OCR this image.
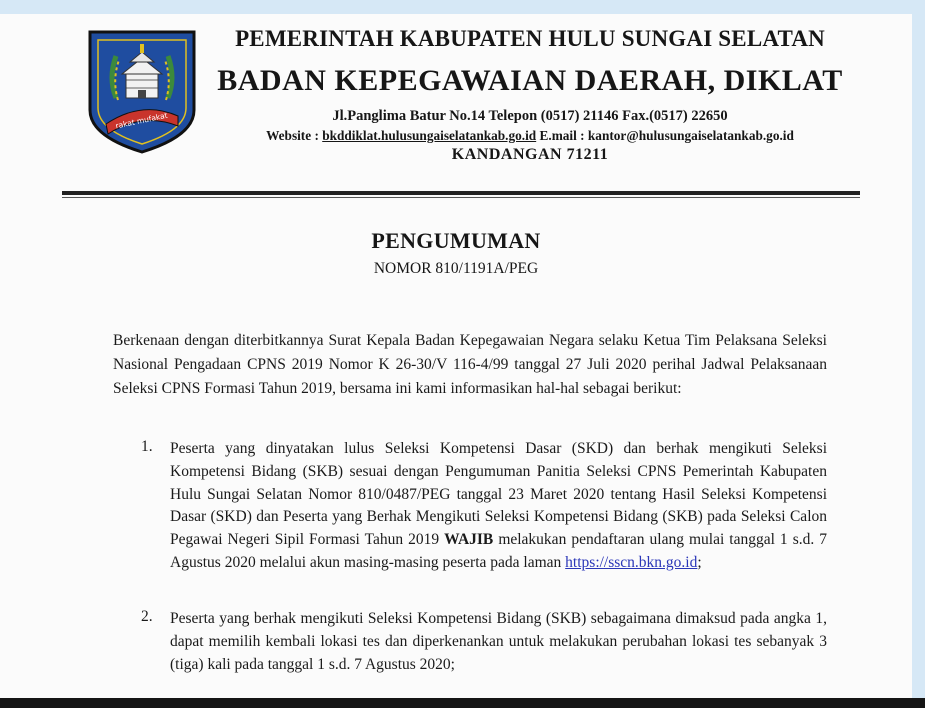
rakat mufakat
PEMERINTAH KABUPATEN HULU SUNGAI SELATAN
BADAN KEPEGAWAIAN DAERAH, DIKLAT
Jl.Panglima Batur No.14 Telepon (0517) 21146 Fax.(0517) 22650
Website : bkddiklat.hulusungaiselatankab.go.id E.mail : kantor@hulusungaiselatankab.go.id
KANDANGAN 71211
PENGUMUMAN
NOMOR 810/1191A/PEG
Berkenaan dengan diterbitkannya Surat Kepala Badan Kepegawaian Negara selaku Ketua Tim Pelaksana Seleksi Nasional Pengadaan CPNS 2019 Nomor K 26-30/V 116-4/99 tanggal 27 Juli 2020 perihal Jadwal Pelaksanaan Seleksi CPNS Formasi Tahun 2019, bersama ini kami informasikan hal-hal sebagai berikut:
1. Peserta yang dinyatakan lulus Seleksi Kompetensi Dasar (SKD) dan berhak mengikuti Seleksi Kompetensi Bidang (SKB) sesuai dengan Pengumuman Panitia Seleksi CPNS Pemerintah Kabupaten Hulu Sungai Selatan Nomor 810/0487/PEG tanggal 23 Maret 2020 tentang Hasil Seleksi Kompetensi Dasar (SKD) dan Peserta yang Berhak Mengikuti Seleksi Kompetensi Bidang (SKB) pada Seleksi Calon Pegawai Negeri Sipil Formasi Tahun 2019 WAJIB melakukan pendaftaran ulang mulai tanggal 1 s.d. 7 Agustus 2020 melalui akun masing-masing peserta pada laman https://sscn.bkn.go.id;
2. Peserta yang berhak mengikuti Seleksi Kompetensi Bidang (SKB) sebagaimana dimaksud pada angka 1, dapat memilih kembali lokasi tes dan diperkenankan untuk melakukan perubahan lokasi tes sebanyak 3 (tiga) kali pada tanggal 1 s.d. 7 Agustus 2020;
